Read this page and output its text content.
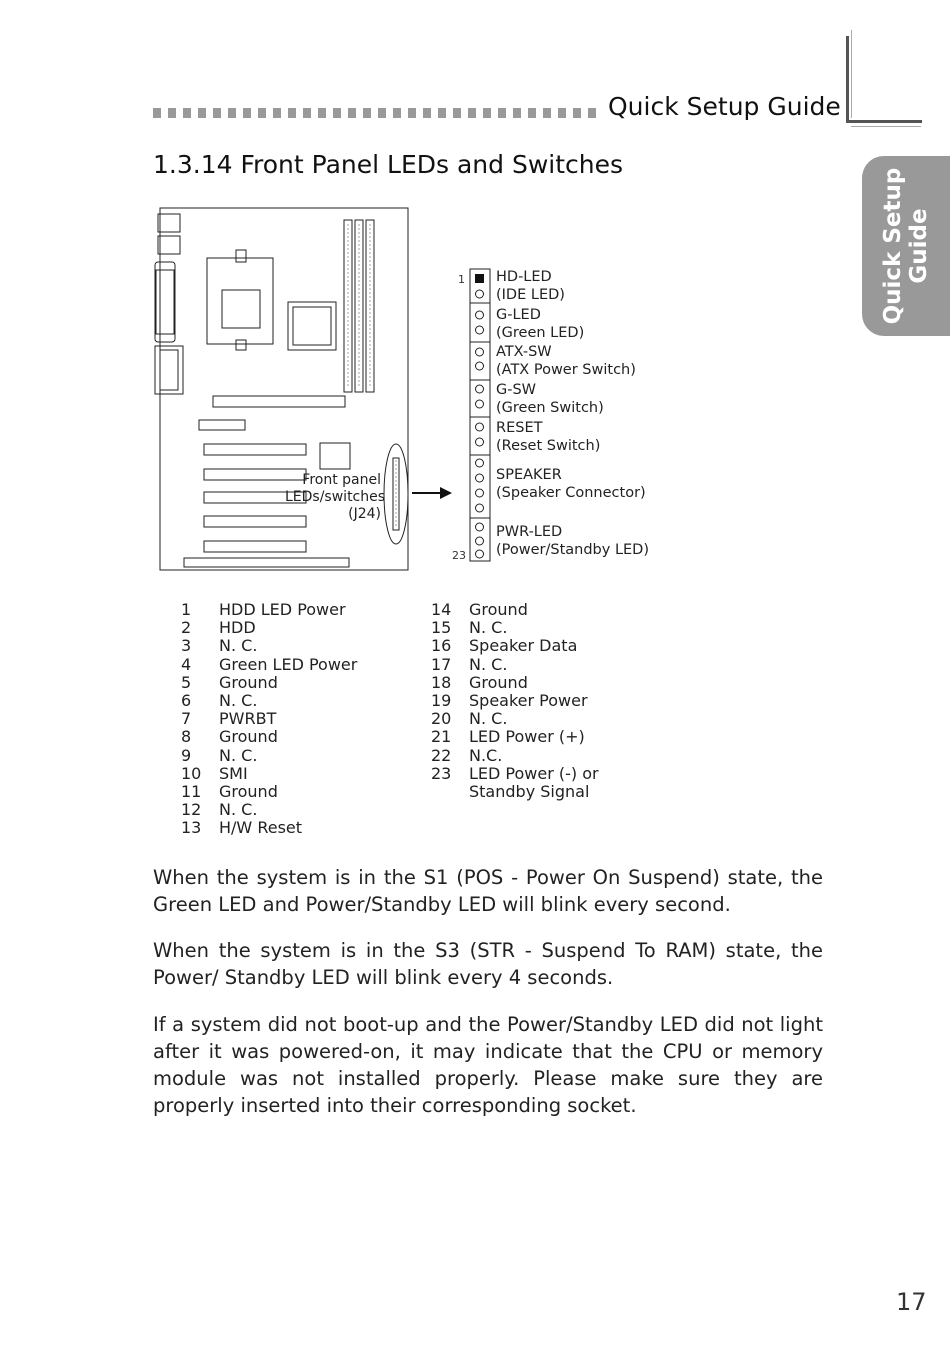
Quick Setup Guide
Quick Setup Guide
1.3.14 Front Panel LEDs and Switches
Front panel
LEDs/switches
(J24)
1
23
HD-LED
(IDE LED)
G-LED
(Green LED)
ATX-SW
(ATX Power Switch)
G-SW
(Green Switch)
RESET
(Reset Switch)
SPEAKER
(Speaker Connector)
PWR-LED
(Power/Standby LED)
1	HDD LED Power
2	HDD
3	N. C.
4	Green LED Power
5	Ground
6	N. C.
7	PWRBT
8	Ground
9	N. C.
10	SMI
11	Ground
12	N. C.
13	H/W Reset
14	Ground
15	N. C.
16	Speaker Data
17	N. C.
18	Ground
19	Speaker Power
20	N. C.
21	LED Power (+)
22	N.C.
23	LED Power (-) or
Standby Signal

When the system is in the S1 (POS - Power On Suspend) state, the Green LED and Power/Standby LED will blink every second.

When the system is in the S3 (STR - Suspend To RAM) state, the Power/ Standby LED will blink every 4 seconds.

If a system did not boot-up and the Power/Standby LED did not light after it was powered-on, it may indicate that the CPU or memory module was not installed properly. Please make sure they are properly inserted into their corresponding socket.

17
